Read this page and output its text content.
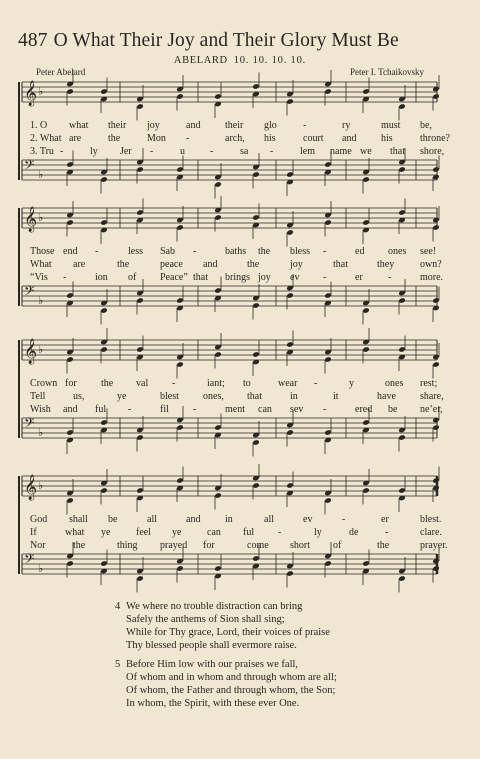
487 O What Their Joy and Their Glory Must Be
ABELARD 10. 10. 10. 10.
Peter Abelard	Peter I. Tchaikovsky
𝄞 ♭
𝄢 ♭
𝄞 ♭
𝄢 ♭
𝄞 ♭
𝄢 ♭
𝄞 ♭
𝄢 ♭
4 We where no trouble distraction can bring
Safely the anthems of Sion shall sing;
While for Thy grace, Lord, their voices of praise
Thy blessed people shall evermore raise.
5 Before Him low with our praises we fall,
Of whom and in whom and through whom are all;
Of whom, the Father and through whom, the Son;
In whom, the Spirit, with these ever One.
1. O what their joy	and their glo	-	ry	must be,
2. What are	the	Mon -	arch, his	court and his	throne?
3. Tru -	ly Jer -	u	-	sa -	lem name we that shore,
Those end -	less Sab -	baths the bless -	ed ones see!
What are	the	peace and	the	joy	that	they	own?
“Vis -	ion of Peace” that brings joy ev -	er	-	more.
Crown for the val -	iant; to	wear -	y	ones rest;
Tell	us,	ye	blest ones, that	in	it	have share,
Wish and ful -	fil -	ment can sev -	ered be ne’er,
God shall be	all	and in	all	ev	-	er	blest.
If	what ye	feel ye	can ful -	ly	de	-	clare.
Nor	the	thing prayed for	come short of	the	prayer.
